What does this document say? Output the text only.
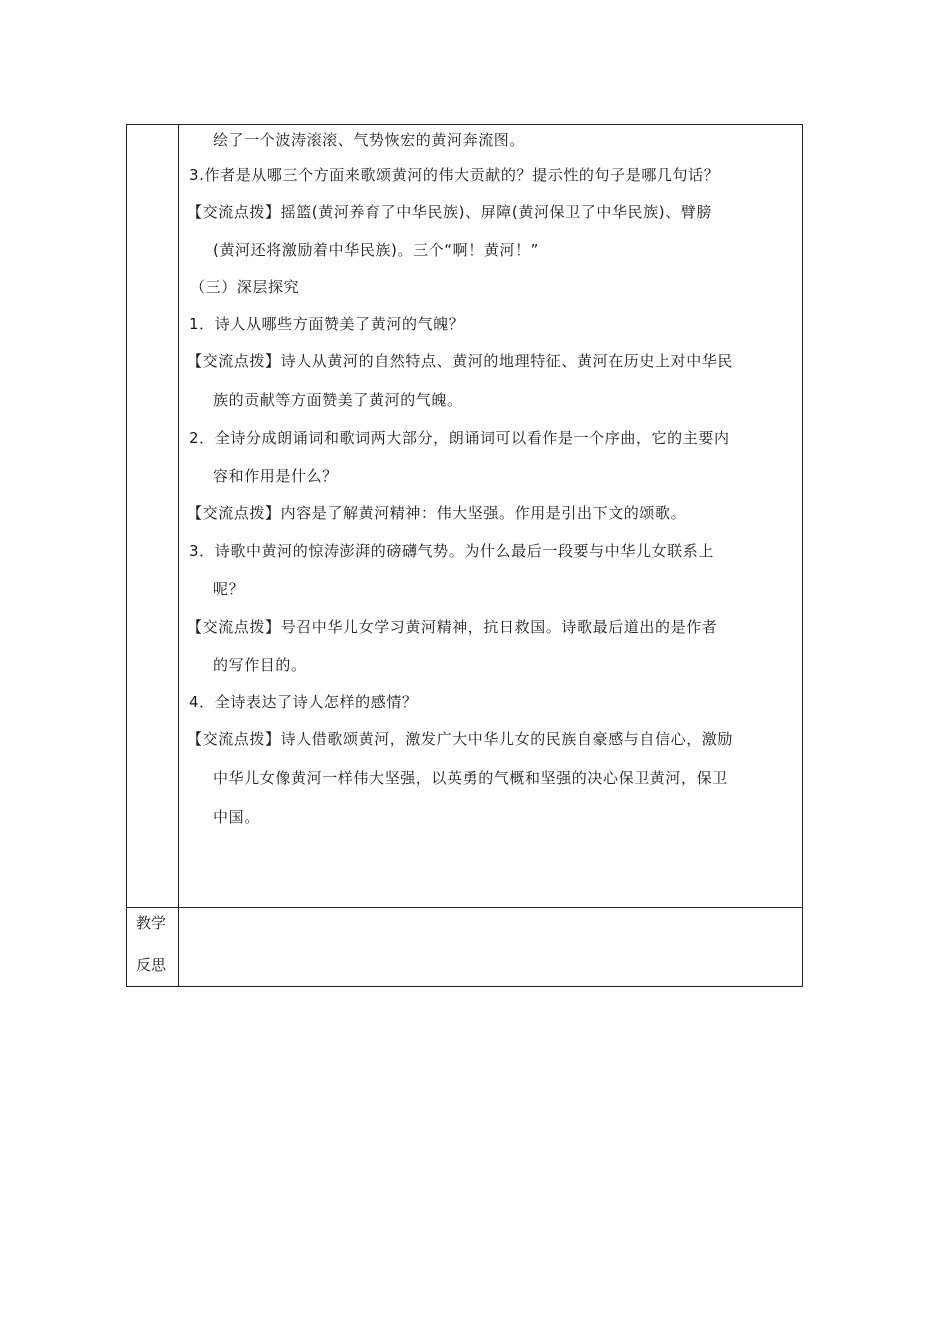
绘了一个波涛滚滚、气势恢宏的黄河奔流图。
3.作者是从哪三个方面来歌颂黄河的伟大贡献的？提示性的句子是哪几句话？
【交流点拨】摇篮(黄河养育了中华民族)、屏障(黄河保卫了中华民族)、臂膀
(黄河还将激励着中华民族)。三个“啊！黄河！”
（三）深层探究
1．诗人从哪些方面赞美了黄河的气魄？
【交流点拨】诗人从黄河的自然特点、黄河的地理特征、黄河在历史上对中华民
族的贡献等方面赞美了黄河的气魄。
2．全诗分成朗诵词和歌词两大部分，朗诵词可以看作是一个序曲，它的主要内
容和作用是什么？
【交流点拨】内容是了解黄河精神：伟大坚强。作用是引出下文的颂歌。
3．诗歌中黄河的惊涛澎湃的磅礴气势。为什么最后一段要与中华儿女联系上
呢？
【交流点拨】号召中华儿女学习黄河精神，抗日救国。诗歌最后道出的是作者
的写作目的。
4．全诗表达了诗人怎样的感情？
【交流点拨】诗人借歌颂黄河，激发广大中华儿女的民族自豪感与自信心，激励
中华儿女像黄河一样伟大坚强，以英勇的气概和坚强的决心保卫黄河，保卫
中国。
教学
反思
